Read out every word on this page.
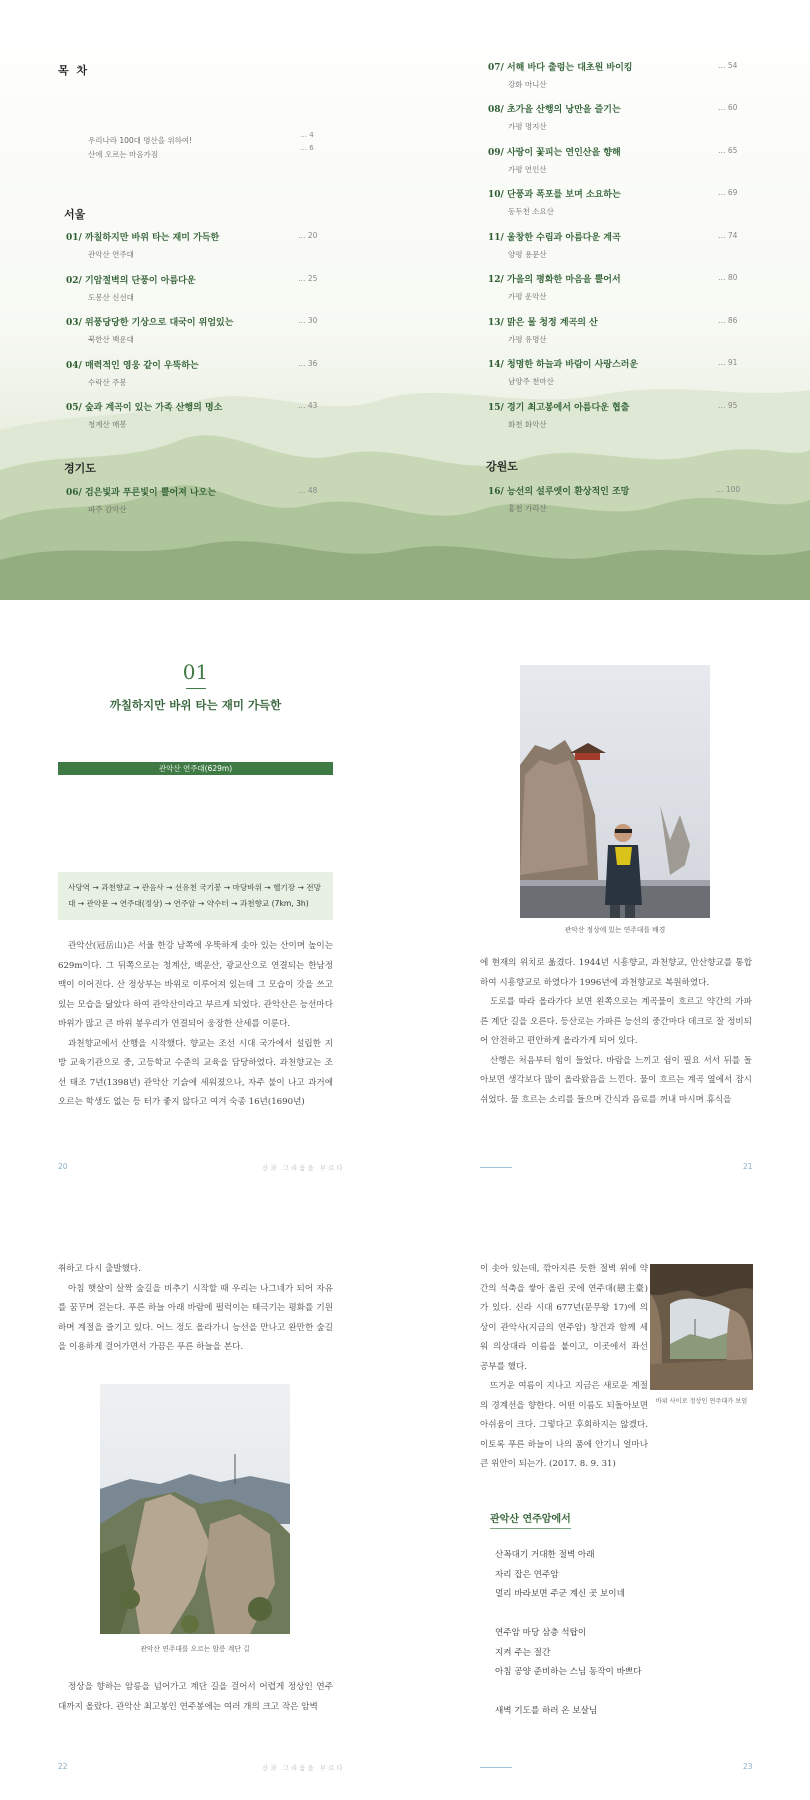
목 차
우리나라 100대 명산을 위하여!
… 4
산에 오르는 마음가짐
… 6
서울
01/ 까칠하지만 바위 타는 재미 가득한
관악산 연주대
… 20
02/ 기암절벽의 단풍이 아름다운
도봉산 신선대
… 25
03/ 위풍당당한 기상으로 대국이 위엄있는
북한산 백운대
… 30
04/ 매력적인 영웅 같이 우뚝하는
수락산 주봉
… 36
05/ 숲과 계곡이 있는 가족 산행의 명소
청계산 매봉
… 43
경기도
06/ 검은빛과 푸른빛이 뿔어져 나오는
파주 감악산
… 48
07/ 서해 바다 출렁는 대초원 바이킹
강화 마니산
… 54
08/ 초가을 산행의 낭만을 즐기는
가평 명지산
… 60
09/ 사랑이 꽃피는 연인산을 향해
가평 연인산
… 65
10/ 단풍과 폭포를 보며 소요하는
동두천 소요산
… 69
11/ 울창한 수림과 아름다운 계곡
양평 용문산
… 74
12/ 가을의 평화한 마음을 뿔어서
가평 운악산
… 80
13/ 맑은 물 청정 계곡의 산
가평 유명산
… 86
14/ 청명한 하늘과 바람이 사랑스러운
남양주 천마산
… 91
15/ 경기 최고봉에서 아름다운 협출
화천 화악산
… 95
강원도
16/ 능선의 설루엣이 환상적인 조망
홍천 가리산
… 100
01
까칠하지만 바위 타는 재미 가득한
관악산 연주대(629m)
사당역 → 과천향교 → 관음사 → 선유천 국기봉 → 마당바위 → 헬기장 → 전망대 → 관악문 → 연주대(정상) → 연주암 → 약수터 → 과천향교 (7km, 3h)

관악산(冠岳山)은 서울 한강 남쪽에 우뚝하게 솟아 있는 산이며 높이는 629m이다. 그 뒤쪽으로는 청계산, 백운산, 광교산으로 연결되는 한남정맥이 이어진다. 산 정상부는 바위로 이루어져 있는데 그 모습이 갓을 쓰고 있는 모습을 닮았다 하여 관악산이라고 부르게 되었다. 관악산은 능선마다 바위가 많고 큰 바위 봉우리가 연결되어 웅장한 산세를 이룬다.

과천향교에서 산행을 시작했다. 향교는 조선 시대 국가에서 설립한 지방 교육기관으로 중, 고등학교 수준의 교육을 담당하였다. 과천향교는 조선 태조 7년(1398년) 관악산 기슭에 세워졌으나, 자주 불이 나고 과거에 오르는 학생도 없는 등 터가 좋지 않다고 여겨 숙종 16년(1690년)

20	산과 그리움을 부르다
관악산 정상에 있는 연주대를 배경

에 현재의 위치로 옮겼다. 1944년 시흥향교, 과천향교, 안산향교를 통합하여 시흥향교로 하였다가 1996년에 과천향교로 복원하였다.

도로를 따라 올라가다 보면 왼쪽으로는 계곡물이 흐르고 약간의 가파른 계단 길을 오른다. 등산로는 가파른 능선의 중간마다 데크로 잘 정비되어 안전하고 편안하게 올라가게 되어 있다.

산행은 처음부터 힘이 들었다. 바람을 느끼고 쉼이 필요 서서 뒤를 돌아보면 생각보다 많이 올라왔음을 느낀다. 물이 흐르는 계곡 옆에서 잠시 쉬었다. 물 흐르는 소리를 들으며 간식과 음료를 꺼내 마시며 휴식을

21

취하고 다시 출발했다.

아침 햇살이 살짝 숲길을 비추기 시작할 때 우리는 나그네가 되어 자유를 꿈꾸며 걷는다. 푸른 하늘 아래 바람에 펄럭이는 태극기는 평화를 기원하며 계절을 즐기고 있다. 어느 정도 올라가니 능선을 만나고 완만한 숲길을 이용하게 걸어가면서 가끔은 푸른 하늘을 본다.

관악산 연주대를 오르는 암릉 계단 길

정상을 향하는 암릉을 넘어가고 계단 길을 걸어서 어렵게 정상인 연주대까지 올랐다. 관악산 최고봉인 연주봉에는 여러 개의 크고 작은 암벽

22	산과 그리움을 부르다

이 솟아 있는데, 깎아지른 듯한 절벽 위에 약간의 석축을 쌓아 올린 곳에 연주대(戀主臺)가 있다. 신라 시대 677년(문무왕 17)에 의상이 관악사(지금의 연주암) 창건과 함께 세워 의상대라 이름을 붙이고, 이곳에서 좌선 공부를 했다.

뜨거운 여름이 지나고 지금은 새로운 계절의 경계선을 향한다. 어떤 이름도 되돌아보면 아쉬움이 크다. 그렇다고 후회하지는 않겠다. 이토록 푸른 하늘이 나의 품에 안기니 얼마나 큰 위안이 되는가. (2017. 8. 9. 31)

바위 사이로 정상인 연주대가 보임
관악산 연주암에서
산꼭대기 거대한 절벽 아래
자리 잡은 연주암
멀리 바라보면 주군 계신 곳 보이네
연주암 마당 삼층 석탑이
지켜 주는 절간
아침 공양 준비하는 스님 동작이 바쁘다
새벽 기도를 하러 온 보살님
23
